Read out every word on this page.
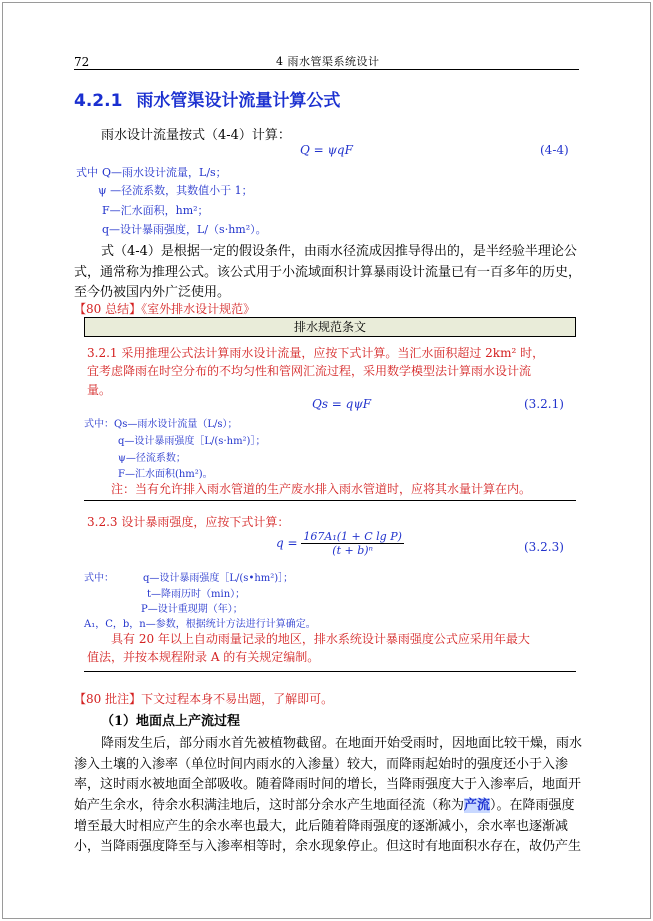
72	4 雨水管渠系统设计
4.2.1 雨水管渠设计流量计算公式
雨水设计流量按式（4-4）计算：
Q = ψqF	(4-4)
式中 Q—雨水设计流量，L/s；
ψ —径流系数，其数值小于 1；
F—汇水面积，hm²；
q—设计暴雨强度，L/（s·hm²）。
式（4-4）是根据一定的假设条件，由雨水径流成因推导得出的，是半经验半理论公
式，通常称为推理公式。该公式用于小流域面积计算暴雨设计流量已有一百多年的历史，
至今仍被国内外广泛使用。
【80 总结】《室外排水设计规范》
排水规范条文
3.2.1 采用推理公式法计算雨水设计流量，应按下式计算。当汇水面积超过 2km² 时，
宜考虑降雨在时空分布的不均匀性和管网汇流过程，采用数学模型法计算雨水设计流
量。
Qs = qψF	(3.2.1)
式中：Qs—雨水设计流量（L/s）；
q—设计暴雨强度［L/(s·hm²)］；
ψ—径流系数；
F—汇水面积(hm²)。
注：当有允许排入雨水管道的生产废水排入雨水管道时，应将其水量计算在内。
3.2.3 设计暴雨强度，应按下式计算：
$q = \frac{\text{167A₁(1 + C lg P)}}{\text{(t + b)ⁿ}}$	(3.2.3)
式中：	q—设计暴雨强度［L/(s•hm²)］；
t—降雨历时（min）；
P—设计重现期（年）；
A₁，C，b，n—参数，根据统计方法进行计算确定。
具有 20 年以上自动雨量记录的地区，排水系统设计暴雨强度公式应采用年最大
值法，并按本规程附录 A 的有关规定编制。
【80 批注】下文过程本身不易出题，了解即可。
（1）地面点上产流过程
降雨发生后，部分雨水首先被植物截留。在地面开始受雨时，因地面比较干燥，雨水
渗入土壤的入渗率（单位时间内雨水的入渗量）较大，而降雨起始时的强度还小于入渗
率，这时雨水被地面全部吸收。随着降雨时间的增长，当降雨强度大于入渗率后，地面开
始产生余水，待余水积满洼地后，这时部分余水产生地面径流（称为产流）。在降雨强度
增至最大时相应产生的余水率也最大，此后随着降雨强度的逐渐减小，余水率也逐渐减
小，当降雨强度降至与入渗率相等时，余水现象停止。但这时有地面积水存在，故仍产生
